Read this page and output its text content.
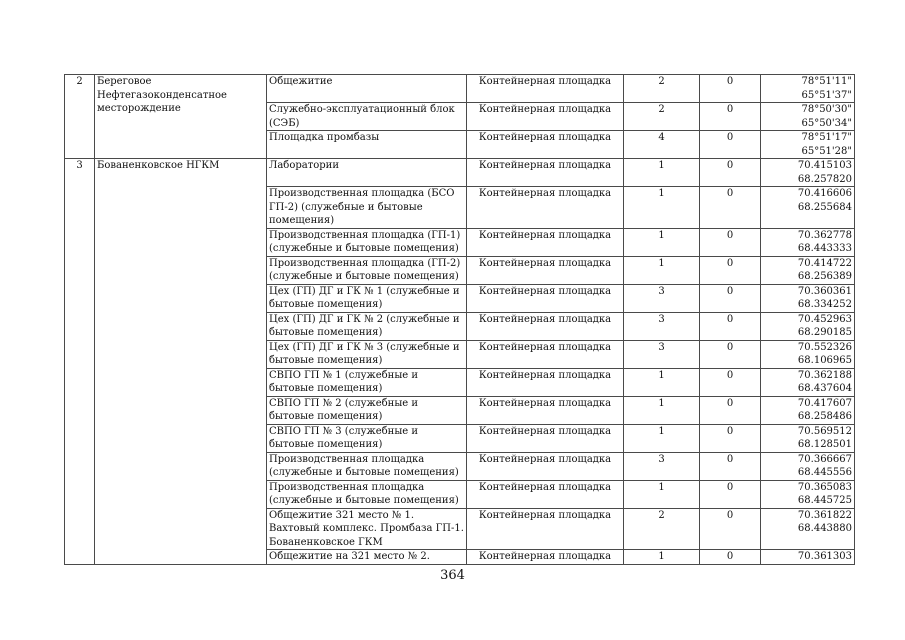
2	Береговое Нефтегазоконденсатное месторождение	Общежитие	Контейнерная площадка	2	0	78°51'11"
65°51'37"

		Служебно-эксплуатационный блок (СЭБ)	Контейнерная площадка	2	0	78°50'30"
65°50'34"

		Площадка промбазы	Контейнерная площадка	4	0	78°51'17"
65°51'28"

3	Бованенковское НГКМ	Лаборатории	Контейнерная площадка	1	0	70.415103
68.257820

		Производственная площадка (БСО ГП-2) (служебные и бытовые помещения)	Контейнерная площадка	1	0	70.416606
68.255684

		Производственная площадка (ГП-1) (служебные и бытовые помещения)	Контейнерная площадка	1	0	70.362778
68.443333

		Производственная площадка (ГП-2) (служебные и бытовые помещения)	Контейнерная площадка	1	0	70.414722
68.256389

		Цех (ГП) ДГ и ГК № 1 (служебные и бытовые помещения)	Контейнерная площадка	3	0	70.360361
68.334252

		Цех (ГП) ДГ и ГК № 2 (служебные и бытовые помещения)	Контейнерная площадка	3	0	70.452963
68.290185

		Цех (ГП) ДГ и ГК № 3 (служебные и бытовые помещения)	Контейнерная площадка	3	0	70.552326
68.106965

		СВПО ГП № 1 (служебные и бытовые помещения)	Контейнерная площадка	1	0	70.362188
68.437604

		СВПО ГП № 2 (служебные и бытовые помещения)	Контейнерная площадка	1	0	70.417607
68.258486

		СВПО ГП № 3 (служебные и бытовые помещения)	Контейнерная площадка	1	0	70.569512
68.128501

		Производственная площадка (служебные и бытовые помещения)	Контейнерная площадка	3	0	70.366667
68.445556

		Производственная площадка (служебные и бытовые помещения)	Контейнерная площадка	1	0	70.365083
68.445725

		Общежитие 321 место № 1. Вахтовый комплекс. Промбаза ГП-1. Бованенковское ГКМ	Контейнерная площадка	2	0	70.361822
68.443880

		Общежитие на 321 место № 2.	Контейнерная площадка	1	0	70.361303
364
